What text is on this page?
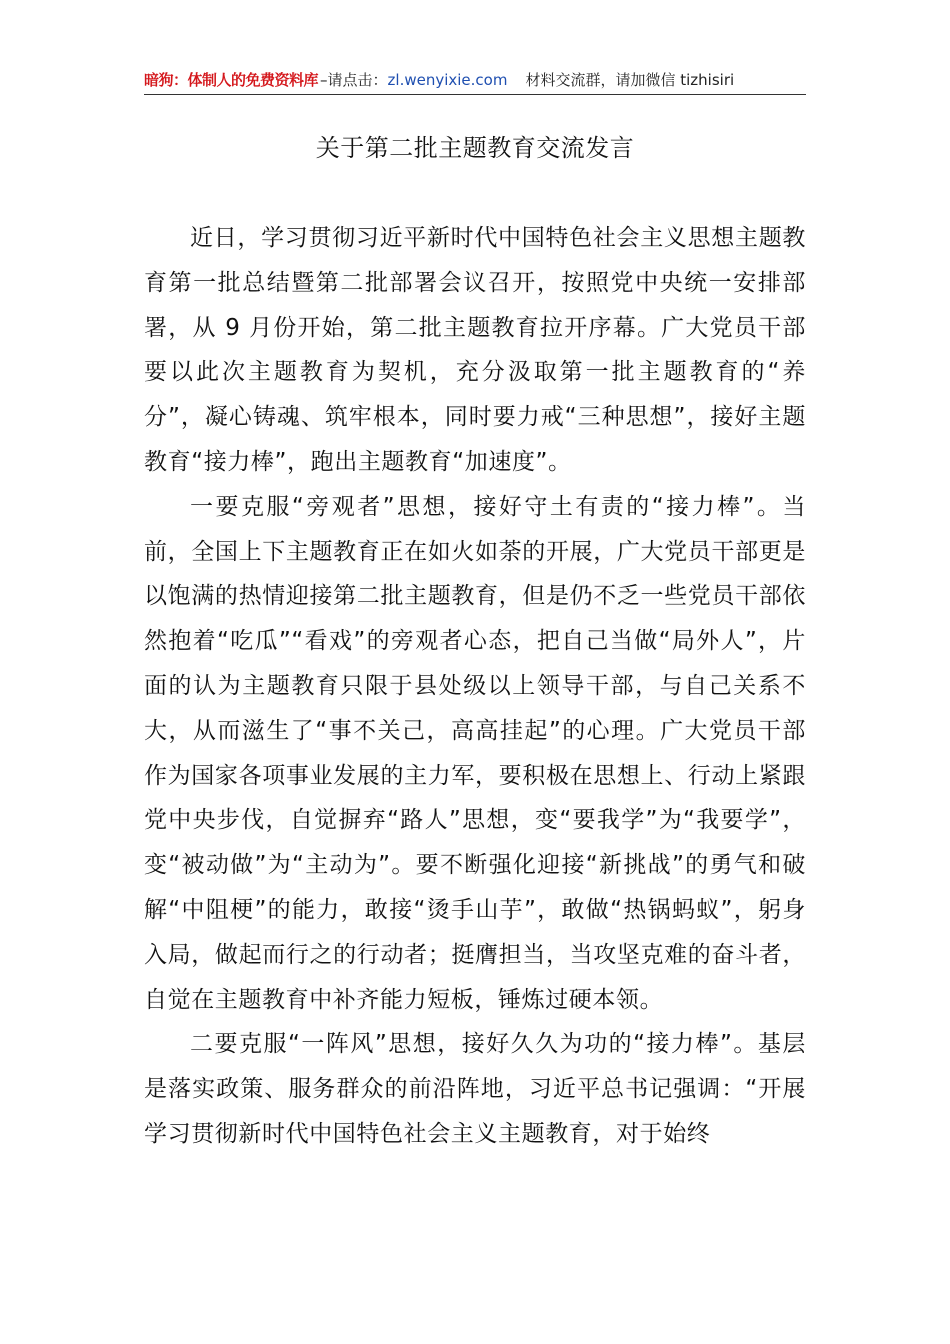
暗狗：体制人的免费资料库 –请点击：zl.wenyixie.com 材料交流群，请加微信 tizhisiri
关于第二批主题教育交流发言

近日，学习贯彻习近平新时代中国特色社会主义思想主题教育第一批总结暨第二批部署会议召开，按照党中央统一安排部署，从 9 月份开始，第二批主题教育拉开序幕。广大党员干部要以此次主题教育为契机，充分汲取第一批主题教育的“养分”，凝心铸魂、筑牢根本，同时要力戒“三种思想”，接好主题教育“接力棒”，跑出主题教育“加速度”。

一要克服“旁观者”思想，接好守土有责的“接力棒”。当前，全国上下主题教育正在如火如荼的开展，广大党员干部更是以饱满的热情迎接第二批主题教育，但是仍不乏一些党员干部依然抱着“吃瓜”“看戏”的旁观者心态，把自己当做“局外人”，片面的认为主题教育只限于县处级以上领导干部，与自己关系不大，从而滋生了“事不关己，高高挂起”的心理。广大党员干部作为国家各项事业发展的主力军，要积极在思想上、行动上紧跟党中央步伐，自觉摒弃“路人”思想，变“要我学”为“我要学”，变“被动做”为“主动为”。要不断强化迎接“新挑战”的勇气和破解“中阻梗”的能力，敢接“烫手山芋”，敢做“热锅蚂蚁”，躬身入局，做起而行之的行动者；挺膺担当，当攻坚克难的奋斗者，自觉在主题教育中补齐能力短板，锤炼过硬本领。

二要克服“一阵风”思想，接好久久为功的“接力棒”。基层是落实政策、服务群众的前沿阵地，习近平总书记强调：“开展学习贯彻新时代中国特色社会主义主题教育，对于始终
